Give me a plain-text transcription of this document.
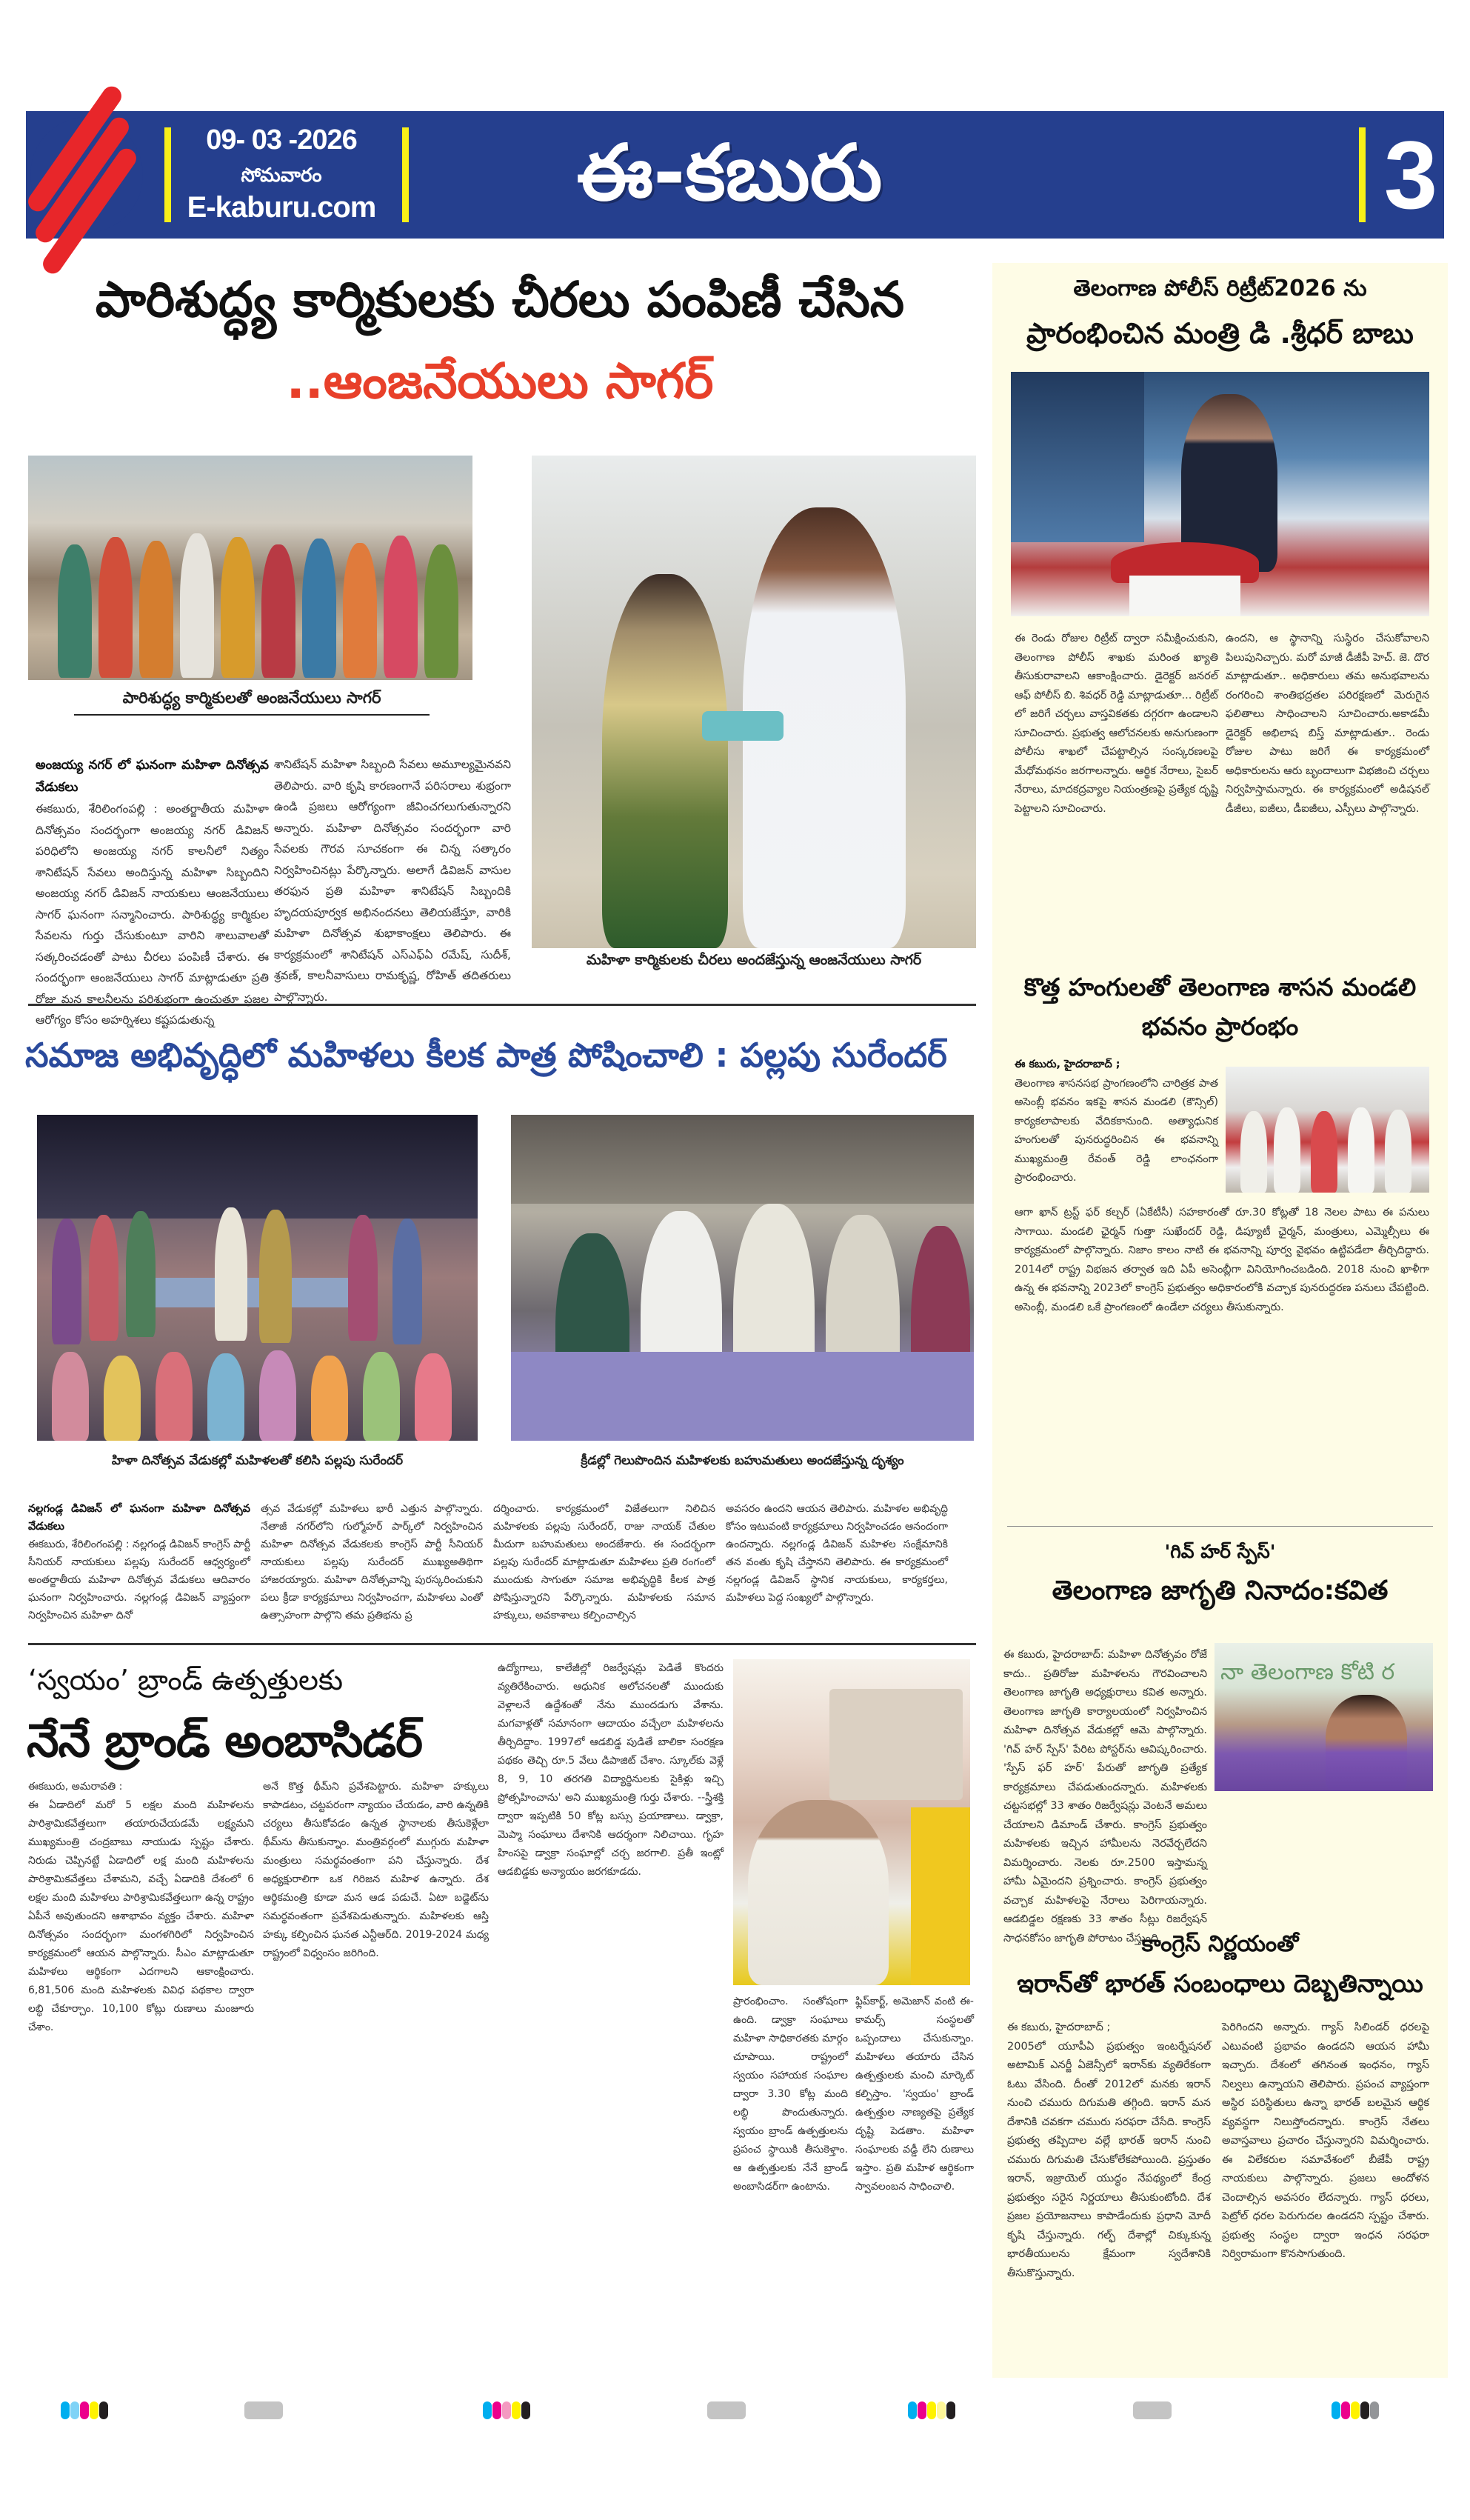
09- 03 -2026
సోమవారం
E-kaburu.com	ఈ-కబురు	3
పారిశుద్ధ్య కార్మికులకు చీరలు పంపిణీ చేసిన
..ఆంజనేయులు సాగర్
పారిశుద్ధ్య కార్మికులతో అంజనేయులు సాగర్
మహిళా కార్మికులకు చీరలు అందజేస్తున్న ఆంజనేయులు సాగర్
అంజయ్య నగర్ లో ఘనంగా మహిళా దినోత్సవ వేడుకలు
ఈకబురు, శేరిలింగంపల్లి : అంతర్జాతీయ మహిళా దినోత్సవం సందర్భంగా అంజయ్య నగర్ డివిజన్ పరిధిలోని అంజయ్య నగర్ కాలనీలో నిత్యం శానిటేషన్ సేవలు అందిస్తున్న మహిళా సిబ్బందిని అంజయ్య నగర్ డివిజన్ నాయకులు ఆంజనేయులు సాగర్ ఘనంగా సన్మానించారు. పారిశుద్ధ్య కార్మికుల సేవలను గుర్తు చేసుకుంటూ వారిని శాలువాలతో సత్కరించడంతో పాటు చీరలు పంపిణీ చేశారు. ఈ సందర్భంగా ఆంజనేయులు సాగర్ మాట్లాడుతూ ప్రతి రోజు మన కాలనీలను పరిశుభ్రంగా ఉంచుతూ ప్రజల ఆరోగ్యం కోసం అహర్నిశలు కష్టపడుతున్న
శానిటేషన్ మహిళా సిబ్బంది సేవలు అమూల్యమైనవని తెలిపారు. వారి కృషి కారణంగానే పరిసరాలు శుభ్రంగా ఉండి ప్రజలు ఆరోగ్యంగా జీవించగలుగుతున్నారని అన్నారు. మహిళా దినోత్సవం సందర్భంగా వారి సేవలకు గౌరవ సూచకంగా ఈ చిన్న సత్కారం నిర్వహించినట్లు పేర్కొన్నారు. అలాగే డివిజన్ వాసుల తరఫున ప్రతి మహిళా శానిటేషన్ సిబ్బందికి హృదయపూర్వక అభినందనలు తెలియజేస్తూ, వారికి మహిళా దినోత్సవ శుభాకాంక్షలు తెలిపారు. ఈ కార్యక్రమంలో శానిటేషన్ ఎస్ఎఫ్ఏ రమేష్, సుదీశ్, శ్రవణ్, కాలనీవాసులు రామకృష్ణ, రోహిత్ తదితరులు పాల్గొన్నారు.
సమాజ అభివృద్ధిలో మహిళలు కీలక పాత్ర పోషించాలి : పల్లపు సురేందర్
హిళా దినోత్సవ వేడుకల్లో మహిళలతో కలిసి పల్లపు సురేందర్	క్రీడల్లో గెలుపొందిన మహిళలకు బహుమతులు అందజేస్తున్న దృశ్యం
నల్లగండ్ల డివిజన్ లో ఘనంగా మహిళా దినోత్సవ వేడుకలు
ఈకబురు, శేరిలింగంపల్లి : నల్లగండ్ల డివిజన్ కాంగ్రెస్ పార్టీ సీనియర్ నాయకులు పల్లపు సురేందర్ ఆధ్వర్యంలో అంతర్జాతీయ మహిళా దినోత్సవ వేడుకలు ఆదివారం ఘనంగా నిర్వహించారు. నల్లగండ్ల డివిజన్ వ్యాప్తంగా నిర్వహించిన మహిళా దినో
త్సవ వేడుకల్లో మహిళలు భారీ ఎత్తున పాల్గొన్నారు. నేతాజీ నగర్‌లోని గుల్మోహర్ పార్క్‌లో నిర్వహించిన మహిళా దినోత్సవ వేడుకలకు కాంగ్రెస్ పార్టీ సీనియర్ నాయకులు పల్లపు సురేందర్ ముఖ్యఅతిథిగా హాజరయ్యారు. మహిళా దినోత్సవాన్ని పురస్కరించుకుని పలు క్రీడా కార్యక్రమాలు నిర్వహించగా, మహిళలు ఎంతో ఉత్సాహంగా పాల్గొని తమ ప్రతిభను ప్ర
దర్శించారు. కార్యక్రమంలో విజేతలుగా నిలిచిన మహిళలకు పల్లపు సురేందర్, రాజు నాయక్ చేతుల మీదుగా బహుమతులు అందజేశారు. ఈ సందర్భంగా పల్లపు సురేందర్ మాట్లాడుతూ మహిళలు ప్రతి రంగంలో ముందుకు సాగుతూ సమాజ అభివృద్ధికి కీలక పాత్ర పోషిస్తున్నారని పేర్కొన్నారు. మహిళలకు సమాన హక్కులు, అవకాశాలు కల్పించాల్సిన
అవసరం ఉందని ఆయన తెలిపారు. మహిళల అభివృద్ధి కోసం ఇటువంటి కార్యక్రమాలు నిర్వహించడం ఆనందంగా ఉందన్నారు. నల్లగండ్ల డివిజన్ మహిళల సంక్షేమానికి తన వంతు కృషి చేస్తానని తెలిపారు. ఈ కార్యక్రమంలో నల్లగండ్ల డివిజన్ స్థానిక నాయకులు, కార్యకర్తలు, మహిళలు పెద్ద సంఖ్యలో పాల్గొన్నారు.
‘స్వయం’ బ్రాండ్ ఉత్పత్తులకు
నేనే బ్రాండ్ అంబాసిడర్
ఈకబురు, అమరావతి :
ఈ ఏడాదిలో మరో 5 లక్షల మంది మహిళలను పారిశ్రామికవేత్తలుగా తయారుచేయడమే లక్ష్యమని ముఖ్యమంత్రి చంద్రబాబు నాయుడు స్పష్టం చేశారు. నిరుడు చెప్పినట్టే ఏడాదిలో లక్ష మంది మహిళలను పారిశ్రామికవేత్తలు చేశామని, వచ్చే ఏడాదికి దేశంలో 6 లక్షల మంది మహిళలు పారిశ్రామికవేత్తలుగా ఉన్న రాష్ట్రం ఏపీనే అవుతుందని ఆశాభావం వ్యక్తం చేశారు. మహిళా దినోత్సవం సందర్భంగా మంగళగిరిలో నిర్వహించిన కార్యక్రమంలో ఆయన పాల్గొన్నారు. సీఎం మాట్లాడుతూ మహిళలు ఆర్థికంగా ఎదగాలని ఆకాంక్షించారు. 6,81,506 మంది మహిళలకు వివిధ పథకాల ద్వారా లబ్ధి చేకూర్చాం. 10,100 కోట్లు రుణాలు మంజూరు చేశాం.
అనే కొత్త థీమ్‌ని ప్రవేశపెట్టారు. మహిళా హక్కులు కాపాడటం, చట్టపరంగా న్యాయం చేయడం, వారి ఉన్నతికి చర్యలు తీసుకోవడం ఉన్నత స్థానాలకు తీసుకెళ్లేలా థీమ్‌ను తీసుకున్నాం. మంత్రివర్గంలో ముగ్గురు మహిళా మంత్రులు సమర్థవంతంగా పని చేస్తున్నారు. దేశ అధ్యక్షురాలిగా ఒక గిరిజన మహిళ ఉన్నారు. దేశ ఆర్థికమంత్రి కూడా మన ఆడ పడుచే. ఏటా బడ్జెట్‌ను సమర్థవంతంగా ప్రవేశపెడుతున్నారు. మహిళలకు ఆస్తి హక్కు కల్పించిన ఘనత ఎన్టీఆర్‌ది. 2019-2024 మధ్య రాష్ట్రంలో విధ్వంసం జరిగింది.
ఉద్యోగాలు, కాలేజీల్లో రిజర్వేషన్లు పెడితే కొందరు వ్యతిరేకించారు. ఆధునిక ఆలోచనలతో ముందుకు వెళ్లాలనే ఉద్దేశంతో నేను ముందడుగు వేశాను. మగవాళ్లతో సమానంగా ఆదాయం వచ్చేలా మహిళలను తీర్చిదిద్దాం. 1997లో ఆడబిడ్డ పుడితే బాలికా సంరక్షణ పథకం తెచ్చి రూ.5 వేలు డిపాజిట్ చేశాం. స్కూల్‌కు వెళ్లే 8, 9, 10 తరగతి విద్యార్థినులకు సైకిళ్లు ఇచ్చి ప్రోత్సహించాను' అని ముఖ్యమంత్రి గుర్తు చేశారు. --స్త్రీశక్తి ద్వారా ఇప్పటికి 50 కోట్ల బస్సు ప్రయాణాలు. డ్వాక్రా, మెప్మా సంఘాలు దేశానికి ఆదర్శంగా నిలిచాయి. గృహ హింసపై డ్వాక్రా సంఘాల్లో చర్చ జరగాలి. ప్రతీ ఇంట్లో ఆడబిడ్డకు అన్యాయం జరగకూడదు.
ప్రారంభించాం. సంతోషంగా ఉంది. డ్వాక్రా సంఘాలు మహిళా సాధికారతకు మార్గం చూపాయి. రాష్ట్రంలో స్వయం సహాయక సంఘాల ద్వారా 3.30 కోట్ల మంది లబ్ధి పొందుతున్నారు. స్వయం బ్రాండ్ ఉత్పత్తులను ప్రపంచ స్థాయికి తీసుకెళ్తాం. ఆ ఉత్పత్తులకు నేనే బ్రాండ్ అంబాసిడర్‌గా ఉంటాను.
ఫ్లిప్‌కార్ట్, అమెజాన్ వంటి ఈ-కామర్స్ సంస్థలతో ఒప్పందాలు చేసుకున్నాం. మహిళలు తయారు చేసిన ఉత్పత్తులకు మంచి మార్కెట్ కల్పిస్తాం. 'స్వయం' బ్రాండ్ ఉత్పత్తుల నాణ్యతపై ప్రత్యేక దృష్టి పెడతాం. మహిళా సంఘాలకు వడ్డీ లేని రుణాలు ఇస్తాం. ప్రతి మహిళ ఆర్థికంగా స్వావలంబన సాధించాలి.
తెలంగాణ పోలీస్ రిట్రీట్2026 ను
ప్రారంభించిన మంత్రి డి .శ్రీధర్ బాబు
ఈ రెండు రోజుల రిట్రీట్ ద్వారా సమీక్షించుకుని, తెలంగాణ పోలీస్ శాఖకు మరింత ఖ్యాతి తీసుకురావాలని ఆకాంక్షించారు. డైరెక్టర్ జనరల్ ఆఫ్ పోలీస్ బి. శివధర్ రెడ్డి మాట్లాడుతూ... రిట్రీట్ లో జరిగే చర్చలు వాస్తవికతకు దగ్గరగా ఉండాలని సూచించారు. ప్రభుత్వ ఆలోచనలకు అనుగుణంగా పోలీసు శాఖలో చేపట్టాల్సిన సంస్కరణలపై మేధోమథనం జరగాలన్నారు. ఆర్థిక నేరాలు, సైబర్ నేరాలు, మాదకద్రవ్యాల నియంత్రణపై ప్రత్యేక దృష్టి పెట్టాలని సూచించారు.
ఉందని, ఆ స్థానాన్ని సుస్థిరం చేసుకోవాలని పిలుపునిచ్చారు. మరో మాజీ డీజీపీ హెచ్. జె. దొర మాట్లాడుతూ.. అధికారులు తమ అనుభవాలను రంగరించి శాంతిభద్రతల పరిరక్షణలో మెరుగైన ఫలితాలు సాధించాలని సూచించారు.అకాడమీ డైరెక్టర్ అభిలాష బిస్త్ మాట్లాడుతూ.. రెండు రోజుల పాటు జరిగే ఈ కార్యక్రమంలో అధికారులను ఆరు బృందాలుగా విభజించి చర్చలు నిర్వహిస్తామన్నారు. ఈ కార్యక్రమంలో అడిషనల్ డీజీలు, ఐజీలు, డీఐజీలు, ఎస్పీలు పాల్గొన్నారు.
కొత్త హంగులతో తెలంగాణ శాసన మండలి
భవనం ప్రారంభం
ఈ కబురు, హైదరాబాద్ ;
తెలంగాణ శాసనసభ ప్రాంగణంలోని చారిత్రక పాత అసెంబ్లీ భవనం ఇకపై శాసన మండలి (కౌన్సిల్) కార్యకలాపాలకు వేదికకానుంది. అత్యాధునిక హంగులతో పునరుద్ధరించిన ఈ భవనాన్ని ముఖ్యమంత్రి రేవంత్ రెడ్డి లాంఛనంగా ప్రారంభించారు.
ఆగా ఖాన్ ట్రస్ట్ ఫర్ కల్చర్ (ఏకేటీసీ) సహకారంతో రూ.30 కోట్లతో 18 నెలల పాటు ఈ పనులు సాగాయి. మండలి ఛైర్మన్ గుత్తా సుఖేందర్ రెడ్డి, డిప్యూటీ ఛైర్మన్, మంత్రులు, ఎమ్మెల్సీలు ఈ కార్యక్రమంలో పాల్గొన్నారు. నిజాం కాలం నాటి ఈ భవనాన్ని పూర్వ వైభవం ఉట్టిపడేలా తీర్చిదిద్దారు. 2014లో రాష్ట్ర విభజన తర్వాత ఇది ఏపీ అసెంబ్లీగా వినియోగించబడింది. 2018 నుంచి ఖాళీగా ఉన్న ఈ భవనాన్ని 2023లో కాంగ్రెస్ ప్రభుత్వం అధికారంలోకి వచ్చాక పునరుద్ధరణ పనులు చేపట్టింది. అసెంబ్లీ, మండలి ఒకే ప్రాంగణంలో ఉండేలా చర్యలు తీసుకున్నారు.
'గివ్ హర్ స్పేస్'
తెలంగాణ జాగృతి నినాదం:కవిత
ఈ కబురు, హైదరాబాద్: మహిళా దినోత్సవం రోజే కాదు.. ప్రతిరోజు మహిళలను గౌరవించాలని తెలంగాణ జాగృతి అధ్యక్షురాలు కవిత అన్నారు. తెలంగాణ జాగృతి కార్యాలయంలో నిర్వహించిన మహిళా దినోత్సవ వేడుకల్లో ఆమె పాల్గొన్నారు. 'గివ్ హర్ స్పేస్' పేరిట పోస్టర్‌ను ఆవిష్కరించారు. 'స్పేస్ ఫర్ హర్' పేరుతో జాగృతి ప్రత్యేక కార్యక్రమాలు చేపడుతుందన్నారు. మహిళలకు చట్టసభల్లో 33 శాతం రిజర్వేషన్లు వెంటనే అమలు చేయాలని డిమాండ్ చేశారు. కాంగ్రెస్ ప్రభుత్వం మహిళలకు ఇచ్చిన హామీలను నెరవేర్చలేదని విమర్శించారు. నెలకు రూ.2500 ఇస్తామన్న హామీ ఏమైందని ప్రశ్నించారు. కాంగ్రెస్ ప్రభుత్వం వచ్చాక మహిళలపై నేరాలు పెరిగాయన్నారు. ఆడబిడ్డల రక్షణకు 33 శాతం సీట్లు రిజర్వేషన్ సాధనకోసం జాగృతి పోరాటం చేస్తుంది.
నా తెలంగాణ కోటి ర
కాంగ్రెస్ నిర్ణయంతో
ఇరాన్‌తో భారత్ సంబంధాలు దెబ్బతిన్నాయి
ఈ కబురు, హైదరాబాద్ ;
2005లో యూపీఏ ప్రభుత్వం ఇంటర్నేషనల్ అటామిక్ ఎనర్జీ ఏజెన్సీలో ఇరాన్‌కు వ్యతిరేకంగా ఓటు వేసింది. దీంతో 2012లో మనకు ఇరాన్ నుంచి చమురు దిగుమతి తగ్గింది. ఇరాన్ మన దేశానికి చవకగా చమురు సరఫరా చేసేది. కాంగ్రెస్ ప్రభుత్వ తప్పిదాల వల్లే భారత్ ఇరాన్ నుంచి చమురు దిగుమతి చేసుకోలేకపోయింది. ప్రస్తుతం ఇరాన్, ఇజ్రాయెల్ యుద్ధం నేపథ్యంలో కేంద్ర ప్రభుత్వం సరైన నిర్ణయాలు తీసుకుంటోంది. దేశ ప్రజల ప్రయోజనాలు కాపాడేందుకు ప్రధాని మోదీ కృషి చేస్తున్నారు. గల్ఫ్ దేశాల్లో చిక్కుకున్న భారతీయులను క్షేమంగా స్వదేశానికి తీసుకొస్తున్నారు.
పెరిగిందని అన్నారు. గ్యాస్ సిలిండర్ ధరలపై ఎటువంటి ప్రభావం ఉండదని ఆయన హామీ ఇచ్చారు. దేశంలో తగినంత ఇంధనం, గ్యాస్ నిల్వలు ఉన్నాయని తెలిపారు. ప్రపంచ వ్యాప్తంగా అస్థిర పరిస్థితులు ఉన్నా భారత్ బలమైన ఆర్థిక వ్యవస్థగా నిలుస్తోందన్నారు. కాంగ్రెస్ నేతలు అవాస్తవాలు ప్రచారం చేస్తున్నారని విమర్శించారు. ఈ విలేకరుల సమావేశంలో బీజేపీ రాష్ట్ర నాయకులు పాల్గొన్నారు. ప్రజలు ఆందోళన చెందాల్సిన అవసరం లేదన్నారు. గ్యాస్ ధరలు, పెట్రోల్ ధరల పెరుగుదల ఉండదని స్పష్టం చేశారు. ప్రభుత్వ సంస్థల ద్వారా ఇంధన సరఫరా నిర్విరామంగా కొనసాగుతుంది.
